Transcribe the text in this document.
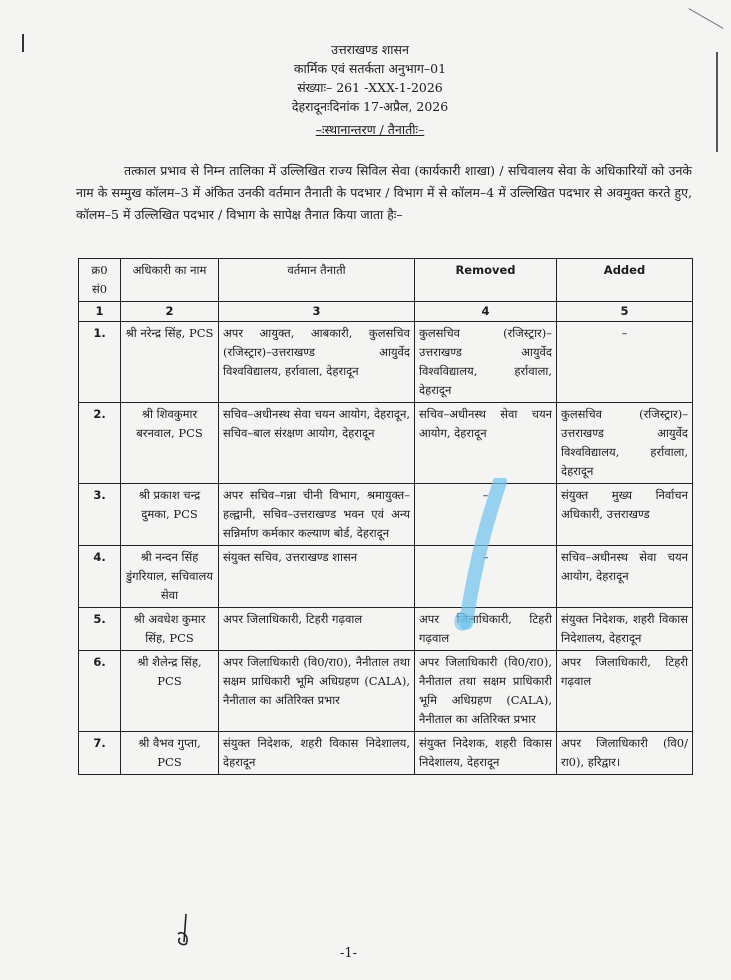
उत्तराखण्ड शासन
कार्मिक एवं सतर्कता अनुभाग–01
संख्याः– 261 -XXX-1-2026
देहरादूनःदिनांक 17-अप्रैल, 2026
–ःस्थानान्तरण / तैनातीः–
तत्काल प्रभाव से निम्न तालिका में उल्लिखित राज्य सिविल सेवा (कार्यकारी शाखा) / सचिवालय सेवा के अधिकारियों को उनके नाम के सम्मुख कॉलम–3 में अंकित उनकी वर्तमान तैनाती के पदभार / विभाग में से कॉलम–4 में उल्लिखित पदभार से अवमुक्त करते हुए, कॉलम–5 में उल्लिखित पदभार / विभाग के सापेक्ष तैनात किया जाता हैः–
क्र0 सं0	अधिकारी का नाम	वर्तमान तैनाती	Removed	Added
1	2	3	4	5
1.	श्री नरेन्द्र सिंह, PCS	अपर आयुक्त, आबकारी, कुलसचिव (रजिस्ट्रार)–उत्तराखण्ड आयुर्वेद विश्वविद्यालय, हर्रावाला, देहरादून	कुलसचिव (रजिस्ट्रार)–उत्तराखण्ड आयुर्वेद विश्वविद्यालय, हर्रावाला, देहरादून	–
2.	श्री शिवकुमार बरनवाल, PCS	सचिव–अधीनस्थ सेवा चयन आयोग, देहरादून, सचिव–बाल संरक्षण आयोग, देहरादून	सचिव–अधीनस्थ सेवा चयन आयोग, देहरादून	कुलसचिव (रजिस्ट्रार)–उत्तराखण्ड आयुर्वेद विश्वविद्यालय, हर्रावाला, देहरादून
3.	श्री प्रकाश चन्द्र दुमका, PCS	अपर सचिव–गन्ना चीनी विभाग, श्रमायुक्त–हल्द्वानी, सचिव–उत्तराखण्ड भवन एवं अन्य सन्निर्माण कर्मकार कल्याण बोर्ड, देहरादून	–	संयुक्त मुख्य निर्वाचन अधिकारी, उत्तराखण्ड
4.	श्री नन्दन सिंह डुंगरियाल, सचिवालय सेवा	संयुक्त सचिव, उत्तराखण्ड शासन	–	सचिव–अधीनस्थ सेवा चयन आयोग, देहरादून
5.	श्री अवधेश कुमार सिंह, PCS	अपर जिलाधिकारी, टिहरी गढ़वाल	अपर जिलाधिकारी, टिहरी गढ़वाल	संयुक्त निदेशक, शहरी विकास निदेशालय, देहरादून
6.	श्री शैलेन्द्र सिंह, PCS	अपर जिलाधिकारी (वि0/रा0), नैनीताल तथा सक्षम प्राधिकारी भूमि अधिग्रहण (CALA), नैनीताल का अतिरिक्त प्रभार	अपर जिलाधिकारी (वि0/रा0), नैनीताल तथा सक्षम प्राधिकारी भूमि अधिग्रहण (CALA), नैनीताल का अतिरिक्त प्रभार	अपर जिलाधिकारी, टिहरी गढ़वाल
7.	श्री वैभव गुप्ता, PCS	संयुक्त निदेशक, शहरी विकास निदेशालय, देहरादून	संयुक्त निदेशक, शहरी विकास निदेशालय, देहरादून	अपर जिलाधिकारी (वि0/रा0), हरिद्वार।
-1-
